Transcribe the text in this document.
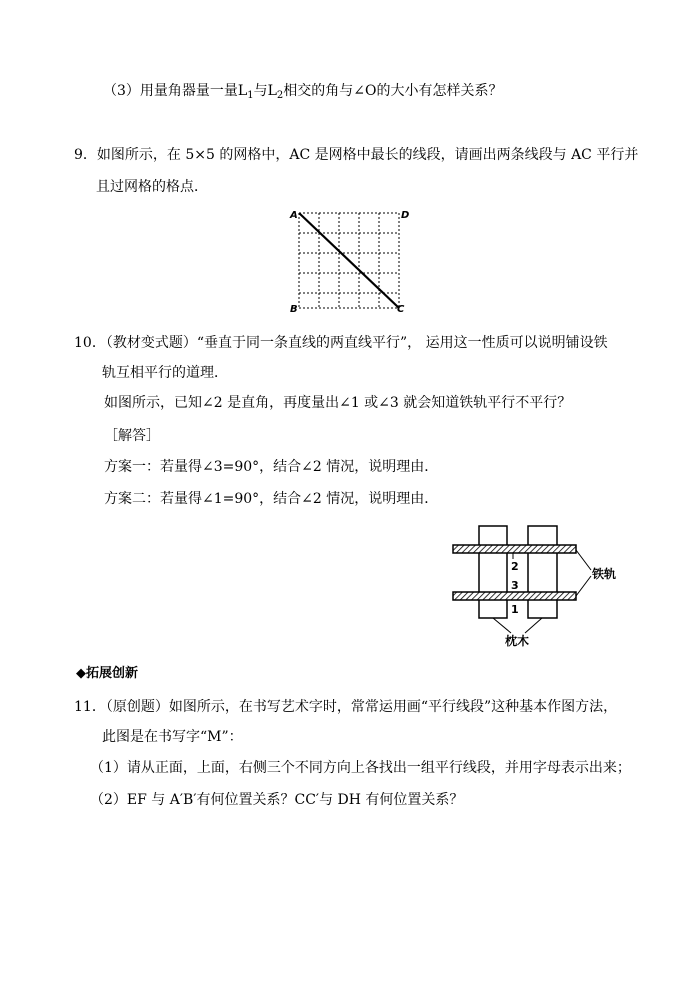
（3）用量角器量一量$L_1$与$L_2$相交的角与∠O的大小有怎样关系？
9．如图所示，在 5×5 的网格中，AC 是网格中最长的线段，请画出两条线段与 AC 平行并
且过网格的格点．
A	D
B	C
10．（教材变式题）“垂直于同一条直线的两直线平行”， 运用这一性质可以说明铺设铁
轨互相平行的道理．
如图所示，已知∠2 是直角，再度量出∠1 或∠3 就会知道铁轨平行不平行？
［解答］
方案一：若量得∠3=90°，结合∠2 情况，说明理由．
方案二：若量得∠1=90°，结合∠2 情况，说明理由．
2
3
1
铁轨
枕木
◆拓展创新
11．（原创题）如图所示，在书写艺术字时，常常运用画“平行线段”这种基本作图方法，
此图是在书写字“M”：
（1）请从正面，上面，右侧三个不同方向上各找出一组平行线段，并用字母表示出来；
（2）EF 与 A′B′有何位置关系？CC′与 DH 有何位置关系？
